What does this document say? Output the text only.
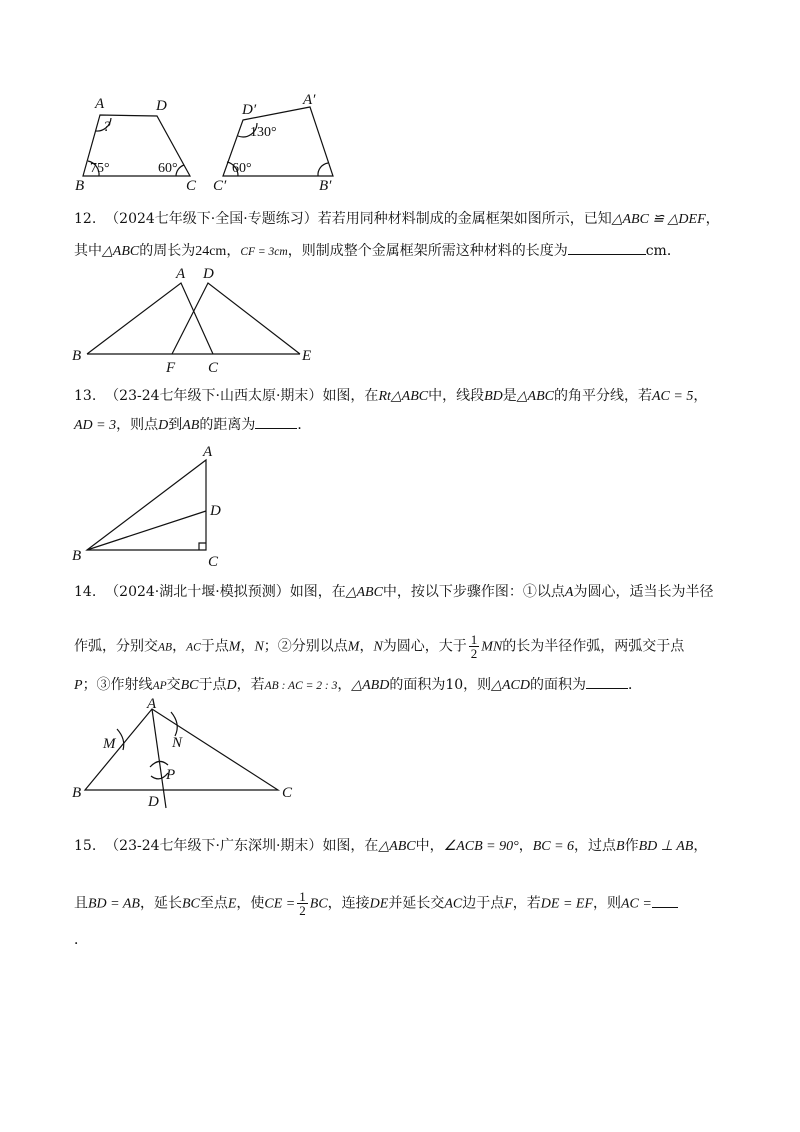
A	D
?
75°	60°
B	C
D′
A′
130°
60°
C′	B′
12. （2024七年级下·全国·专题练习）若若用同种材料制成的金属框架如图所示，已知△ABC ≌ △DEF，
其中△ABC的周长为24cm，CF = 3cm，则制成整个金属框架所需这种材料的长度为	cm．
A D
B
F C
E
13. （23-24七年级下·山西太原·期末）如图，在Rt△ABC中，线段BD是△ABC的角平分线，若AC = 5，
AD = 3，则点D到AB的距离为	．
A
D
B	C
14. （2024·湖北十堰·模拟预测）如图，在△ABC中，按以下步骤作图：①以点A为圆心，适当长为半径
作弧，分别交AB，AC于点M，N；②分别以点M，N为圆心，大于 $\frac{1}{2}$ MN的长为半径作弧，两弧交于点
P；③作射线AP交BC于点D，若AB : AC = 2 : 3，△ABD的面积为10，则△ACD的面积为	．
A
M	N
P
B
D
C
15. （23-24七年级下·广东深圳·期末）如图，在△ABC中，∠ACB = 90°，BC = 6，过点B作BD ⊥ AB，
且BD = AB，延长BC至点E，使CE = $\frac{1}{2}$ BC，连接DE并延长交AC边于点F，若DE = EF，则AC =
．
